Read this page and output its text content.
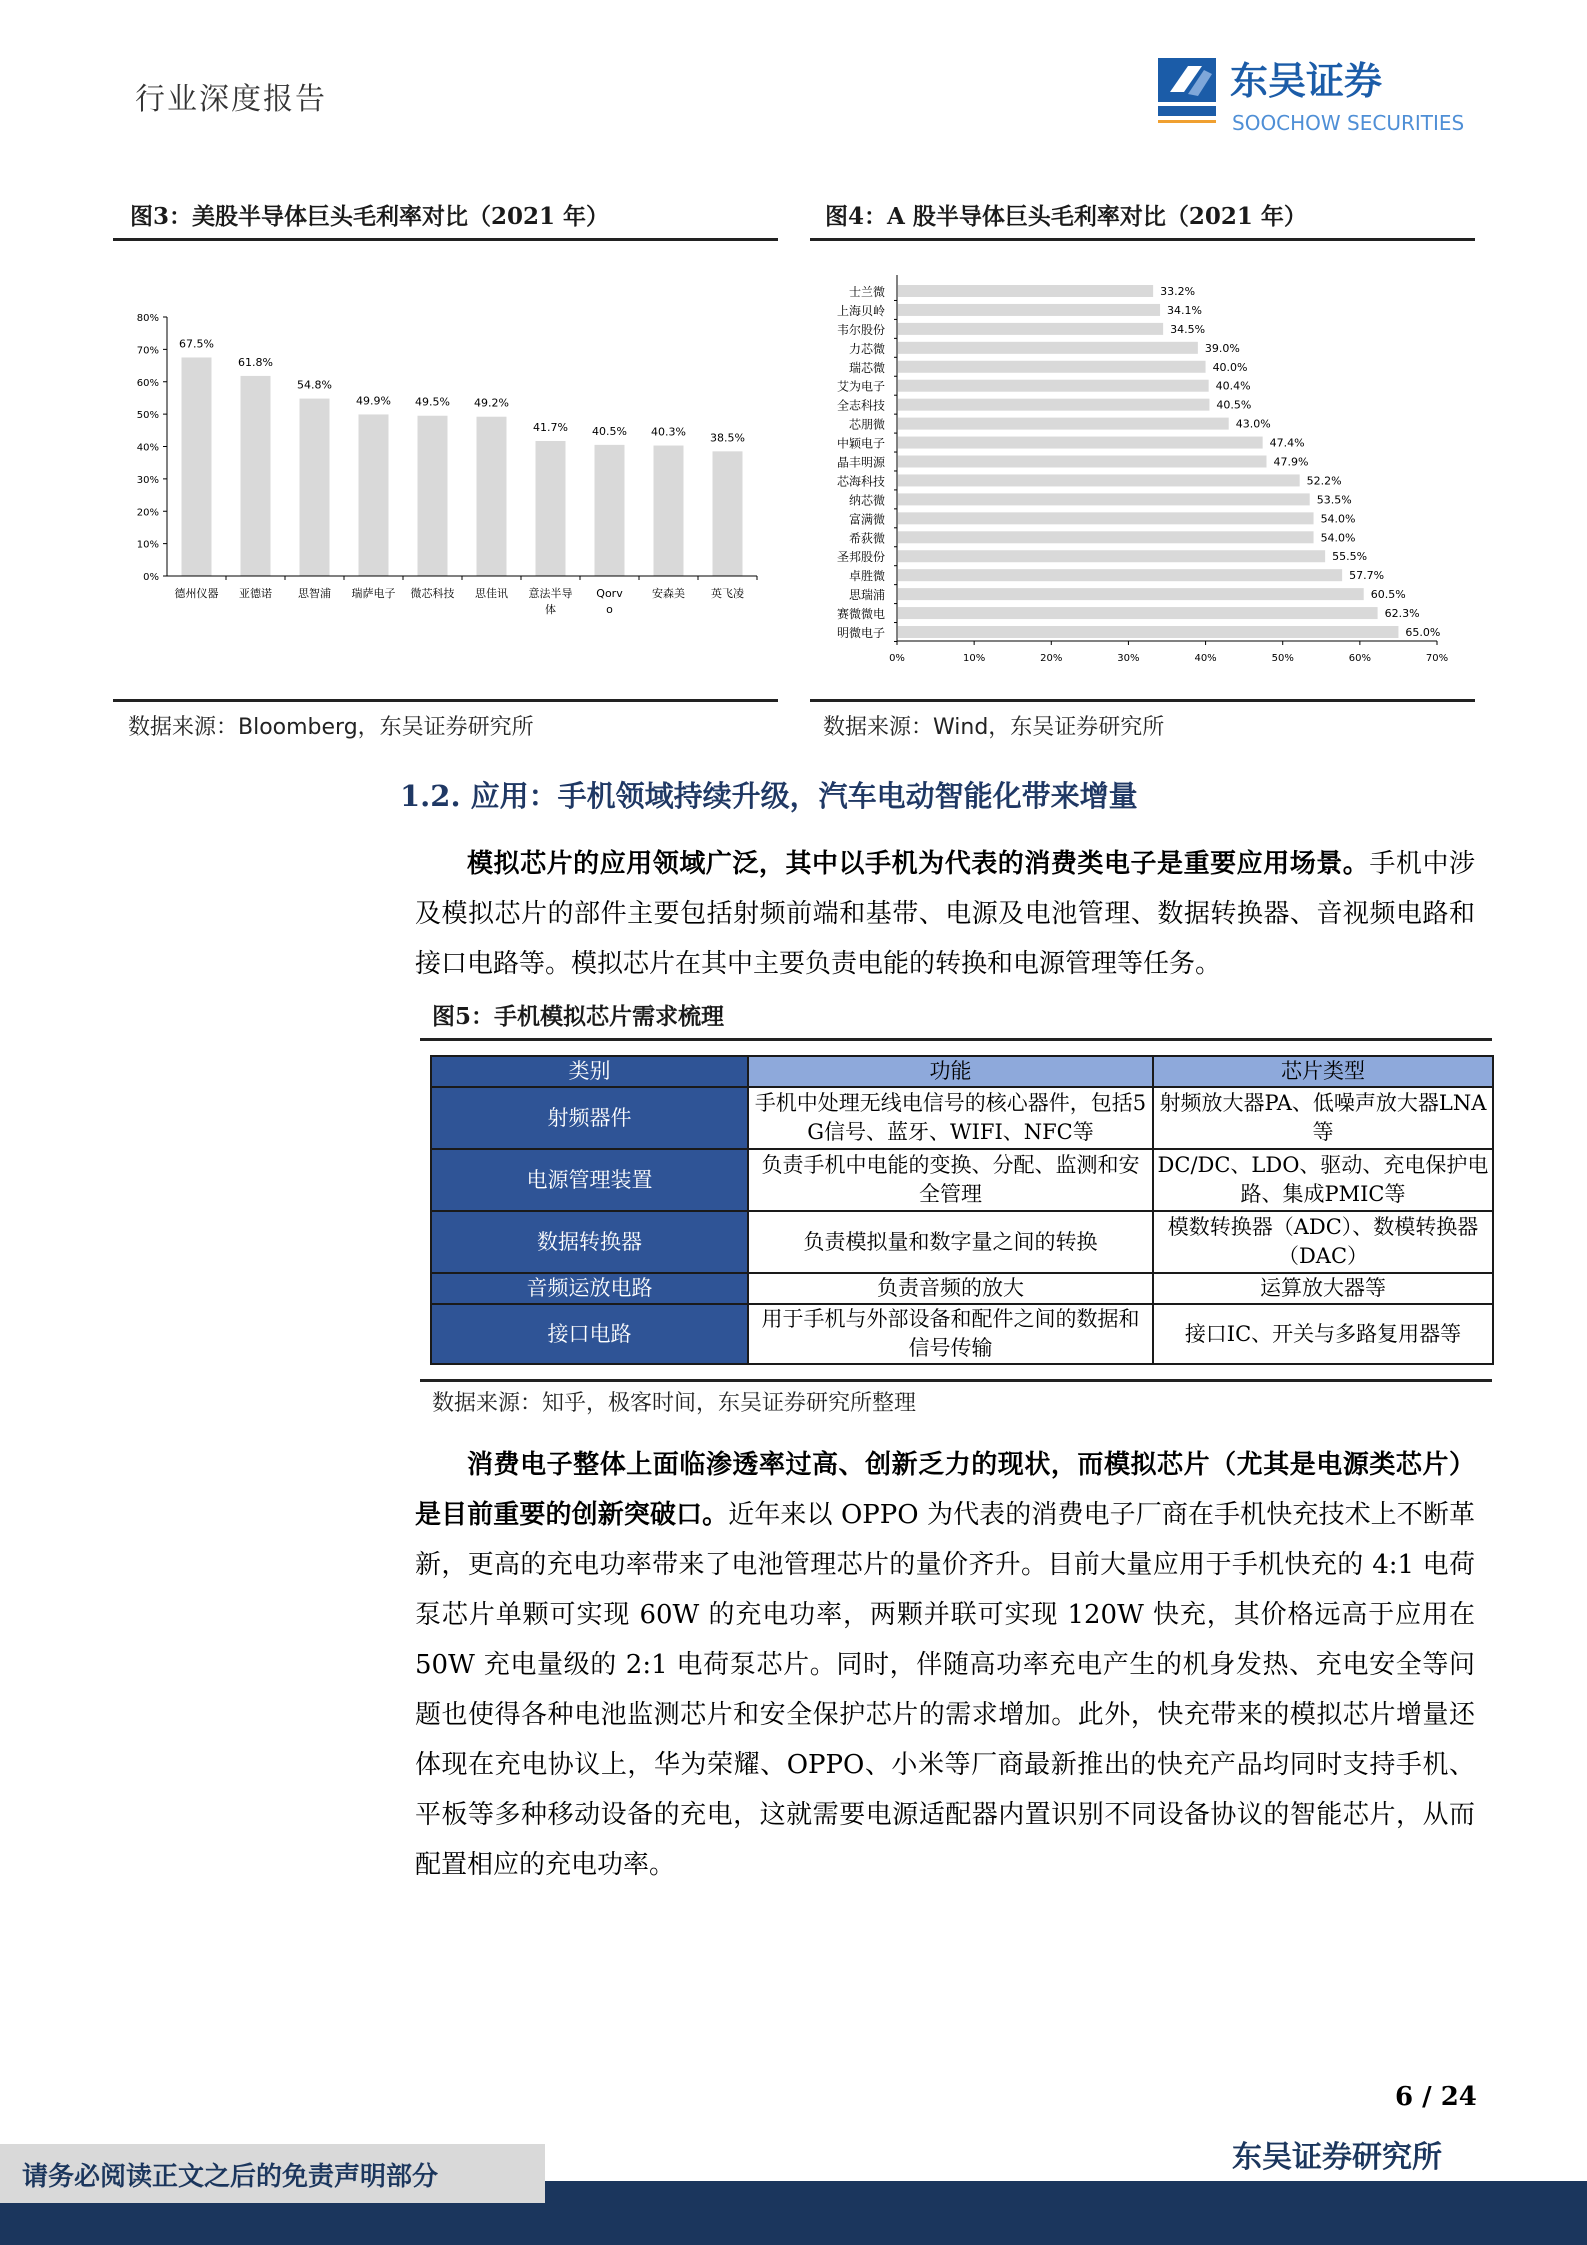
行业深度报告	东吴证券
SOOCHOW SECURITIES
图3：美股半导体巨头毛利率对比（2021 年）
0%
10%
20%
30%
40%
50%
60%
70%
80%
67.5%
德州仪器
61.8%
亚德诺
54.8%
思智浦
49.9%
瑞萨电子
49.5%
微芯科技
49.2%
思佳讯
41.7%
意法半导
体
40.5%
Qorv
o
40.3%
安森美
38.5%
英飞凌
数据来源：Bloomberg，东吴证券研究所
图4：A 股半导体巨头毛利率对比（2021 年）
33.2%
士兰微
34.1%
上海贝岭
34.5%
韦尔股份
39.0%
力芯微
40.0%
瑞芯微
40.4%
艾为电子
40.5%
全志科技
43.0%
芯朋微
47.4%
中颖电子
47.9%
晶丰明源
52.2%
芯海科技
53.5%
纳芯微
54.0%
富满微
54.0%
希荻微
55.5%
圣邦股份
57.7%
卓胜微
60.5%
思瑞浦
62.3%
赛微微电
65.0%
明微电子
0%	10%	20%	30%	40%	50%	60%	70%
数据来源：Wind，东吴证券研究所
1.2. 应用：手机领域持续升级，汽车电动智能化带来增量
模拟芯片的应用领域广泛，其中以手机为代表的消费类电子是重要应用场景。手机中涉及模拟芯片的部件主要包括射频前端和基带、电源及电池管理、数据转换器、音视频电路和接口电路等。模拟芯片在其中主要负责电能的转换和电源管理等任务。
图5：手机模拟芯片需求梳理
类别	功能	芯片类型
射频器件	手机中处理无线电信号的核心器件，包括5G信号、蓝牙、WIFI、NFC等	射频放大器PA、低噪声放大器LNA等
电源管理装置	负责手机中电能的变换、分配、监测和安全管理	DC/DC、LDO、驱动、充电保护电路、集成PMIC等
数据转换器	负责模拟量和数字量之间的转换	模数转换器（ADC）、数模转换器（DAC）
音频运放电路	负责音频的放大	运算放大器等
接口电路	用于手机与外部设备和配件之间的数据和信号传输	接口IC、开关与多路复用器等
数据来源：知乎，极客时间，东吴证券研究所整理
消费电子整体上面临渗透率过高、创新乏力的现状，而模拟芯片（尤其是电源类芯片）是目前重要的创新突破口。近年来以 OPPO 为代表的消费电子厂商在手机快充技术上不断革新，更高的充电功率带来了电池管理芯片的量价齐升。目前大量应用于手机快充的 4:1 电荷泵芯片单颗可实现 60W 的充电功率，两颗并联可实现 120W 快充，其价格远高于应用在 50W 充电量级的 2:1 电荷泵芯片。同时，伴随高功率充电产生的机身发热、充电安全等问题也使得各种电池监测芯片和安全保护芯片的需求增加。此外，快充带来的模拟芯片增量还体现在充电协议上，华为荣耀、OPPO、小米等厂商最新推出的快充产品均同时支持手机、平板等多种移动设备的充电，这就需要电源适配器内置识别不同设备协议的智能芯片，从而配置相应的充电功率。
6 / 24
东吴证券研究所
请务必阅读正文之后的免责声明部分
